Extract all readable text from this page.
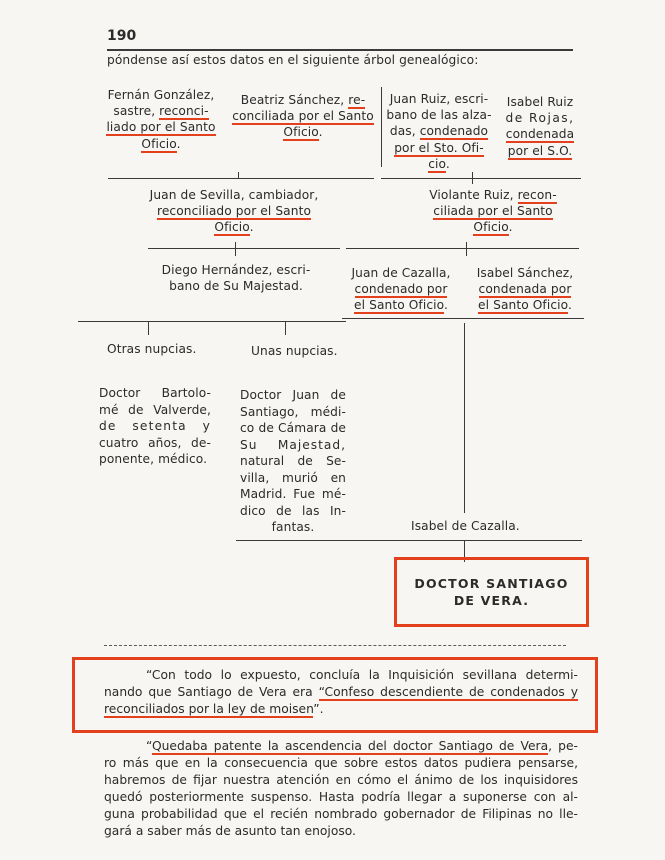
190
póndense así estos datos en el siguiente árbol genealógico:
Fernán González,
sastre, reconci-
liado por el Santo
Oficio.
Beatriz Sánchez, re-
conciliada por el Santo
Oficio.
Juan Ruiz, escri-
bano de las alza-
das, condenado
por el Sto. Ofi-
cio.
Isabel Ruiz
de Rojas,
condenada
por el S.O.
Juan de Sevilla, cambiador,
reconciliado por el Santo
Oficio.
Violante Ruiz, recon-
ciliada por el Santo
Oficio.
Diego Hernández, escri-
bano de Su Majestad.
Juan de Cazalla,
condenado por
el Santo Oficio.
Isabel Sánchez,
condenada por
el Santo Oficio.
Otras nupcias.	Unas nupcias.
Doctor Bartolo-
mé de Valverde,
de setenta y
cuatro años, de-
ponente, médico.
Doctor Juan de
Santiago, médi-
co de Cámara de
Su Majestad,
natural de Se-
villa, murió en
Madrid. Fue mé-
dico de las In-
fantas.	Isabel de Cazalla.
DOCTOR SANTIAGO
DE VERA.
“Con todo lo expuesto, concluía la Inquisición sevillana determi-
nando que Santiago de Vera era “Confeso descendiente de condenados y
reconciliados por la ley de moisen”.
“Quedaba patente la ascendencia del doctor Santiago de Vera, pe-
ro más que en la consecuencia que sobre estos datos pudiera pensarse,
habremos de fijar nuestra atención en cómo el ánimo de los inquisidores
quedó posteriormente suspenso. Hasta podría llegar a suponerse con al-
guna probabilidad que el recién nombrado gobernador de Filipinas no lle-
gará a saber más de asunto tan enojoso.
